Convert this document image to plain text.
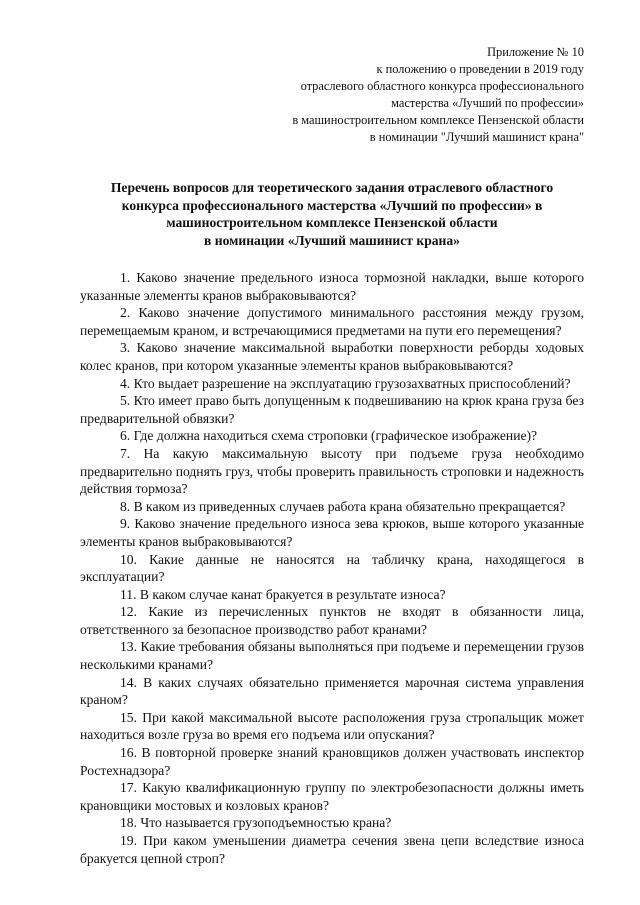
Приложение № 10
к положению о проведении в 2019 году
отраслевого областного конкурса профессионального
мастерства «Лучший по профессии»
в машиностроительном комплексе Пензенской области
в номинации "Лучший машинист крана"
Перечень вопросов для теоретического задания отраслевого областного
конкурса профессионального мастерства «Лучший по профессии» в
машиностроительном комплексе Пензенской области
в номинации «Лучший машинист крана»

1. Каково значение предельного износа тормозной накладки, выше которого указанные элементы кранов выбраковываются?

2. Каково значение допустимого минимального расстояния между грузом, перемещаемым краном, и встречающимися предметами на пути его перемещения?

3. Каково значение максимальной выработки поверхности реборды ходовых колес кранов, при котором указанные элементы кранов выбраковываются?

4. Кто выдает разрешение на эксплуатацию грузозахватных приспособлений?

5. Кто имеет право быть допущенным к подвешиванию на крюк крана груза без предварительной обвязки?

6. Где должна находиться схема строповки (графическое изображение)?

7. На какую максимальную высоту при подъеме груза необходимо предварительно поднять груз, чтобы проверить правильность строповки и надежность действия тормоза?

8. В каком из приведенных случаев работа крана обязательно прекращается?

9. Каково значение предельного износа зева крюков, выше которого указанные элементы кранов выбраковываются?

10. Какие данные не наносятся на табличку крана, находящегося в эксплуатации?

11. В каком случае канат бракуется в результате износа?

12. Какие из перечисленных пунктов не входят в обязанности лица, ответственного за безопасное производство работ кранами?

13. Какие требования обязаны выполняться при подъеме и перемещении грузов несколькими кранами?

14. В каких случаях обязательно применяется марочная система управления краном?

15. При какой максимальной высоте расположения груза стропальщик может находиться возле груза во время его подъема или опускания?

16. В повторной проверке знаний крановщиков должен участвовать инспектор Ростехнадзора?

17. Какую квалификационную группу по электробезопасности должны иметь крановщики мостовых и козловых кранов?

18. Что называется грузоподъемностью крана?

19. При каком уменьшении диаметра сечения звена цепи вследствие износа бракуется цепной строп?
